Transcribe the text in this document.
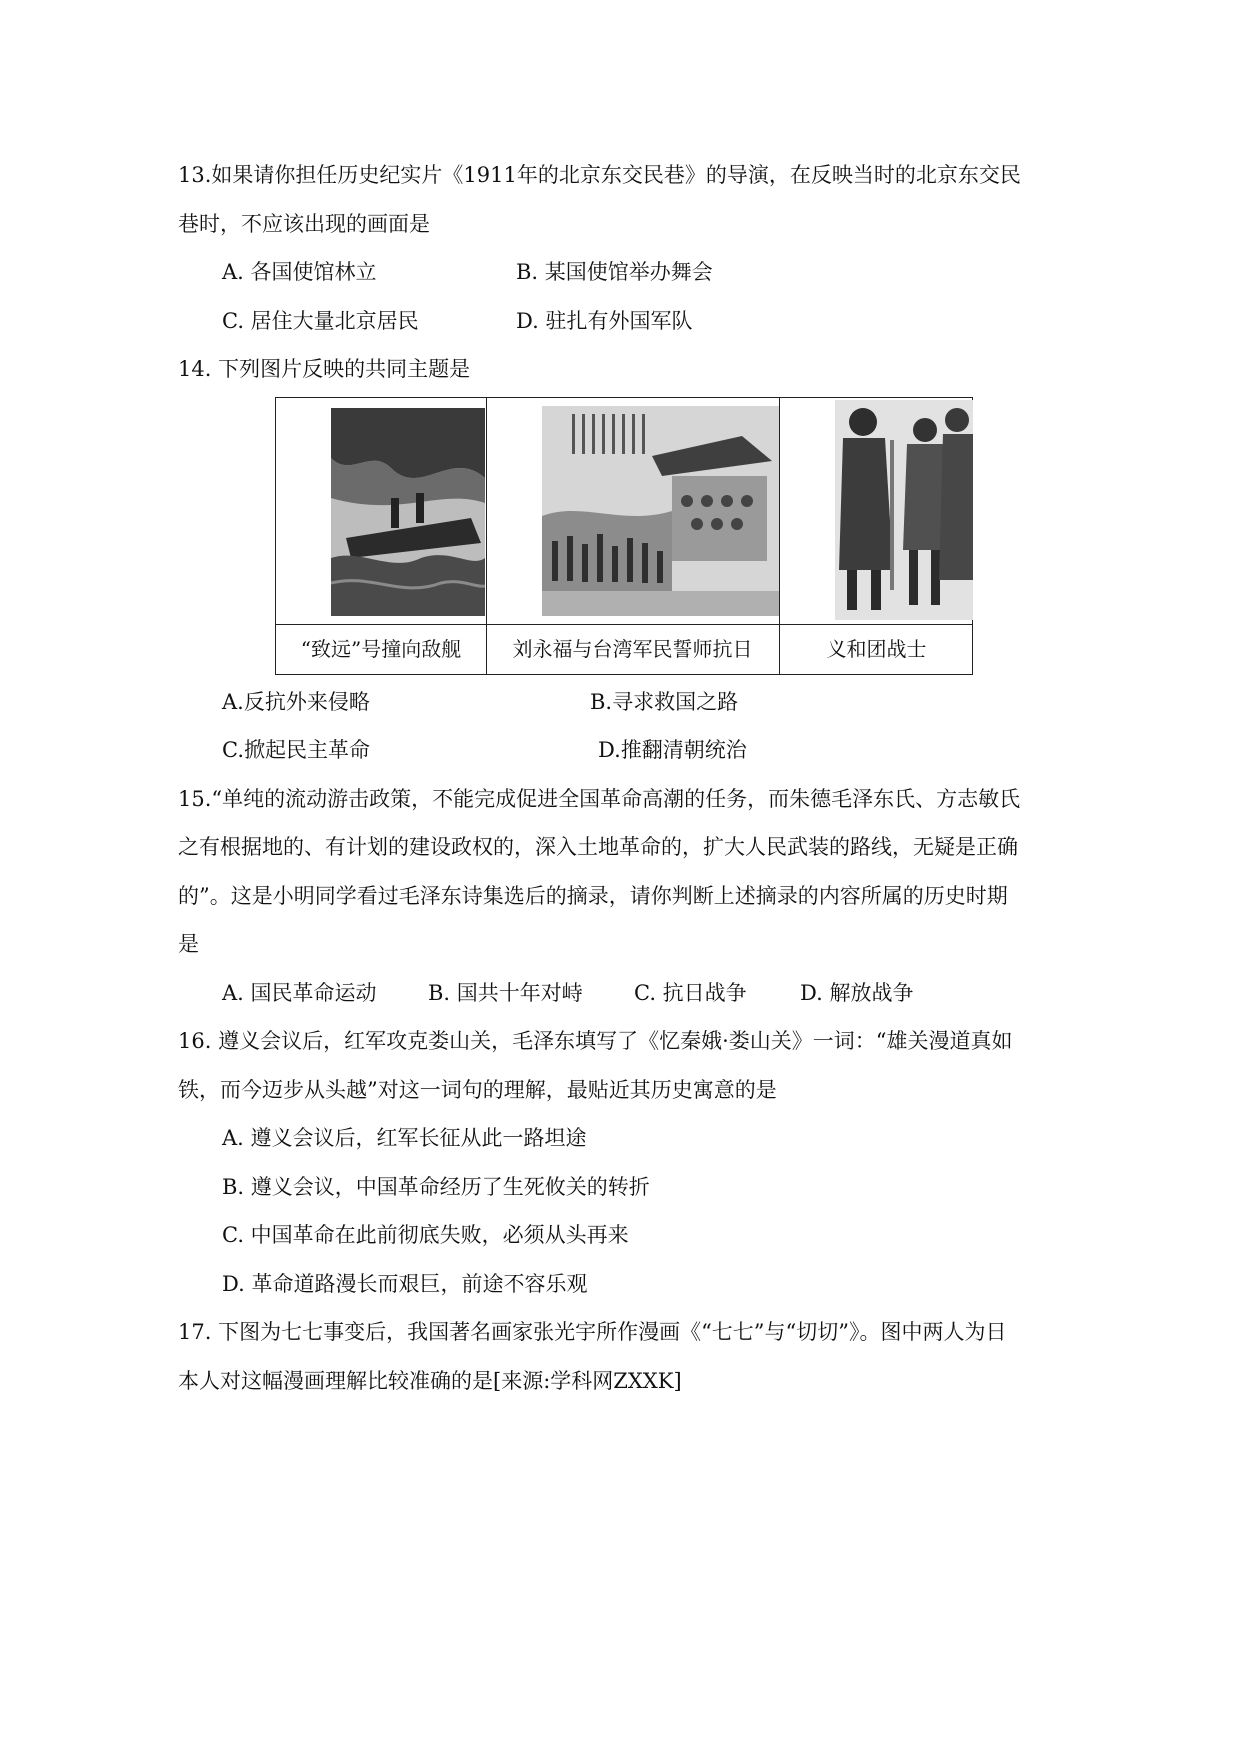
13.如果请你担任历史纪实片《1911年的北京东交民巷》的导演，在反映当时的北京东交民
巷时，不应该出现的画面是
A. 各国使馆林立	B. 某国使馆举办舞会
C. 居住大量北京居民	D. 驻扎有外国军队
14. 下列图片反映的共同主题是
“致远”号撞向敌舰	刘永福与台湾军民誓师抗日	义和团战士
A.反抗外来侵略	B.寻求救国之路
C.掀起民主革命	D.推翻清朝统治
15.“单纯的流动游击政策，不能完成促进全国革命高潮的任务，而朱德毛泽东氏、方志敏氏
之有根据地的、有计划的建设政权的，深入土地革命的，扩大人民武装的路线，无疑是正确
的”。这是小明同学看过毛泽东诗集选后的摘录，请你判断上述摘录的内容所属的历史时期
是
A. 国民革命运动 B. 国共十年对峙 C. 抗日战争	D. 解放战争
16. 遵义会议后，红军攻克娄山关，毛泽东填写了《忆秦娥·娄山关》一词：“雄关漫道真如
铁，而今迈步从头越”对这一词句的理解，最贴近其历史寓意的是
A. 遵义会议后，红军长征从此一路坦途
B. 遵义会议，中国革命经历了生死攸关的转折
C. 中国革命在此前彻底失败，必须从头再来
D. 革命道路漫长而艰巨，前途不容乐观
17. 下图为七七事变后，我国著名画家张光宇所作漫画《“七七”与“切切”》。图中两人为日
本人对这幅漫画理解比较准确的是[来源:学科网ZXXK]
